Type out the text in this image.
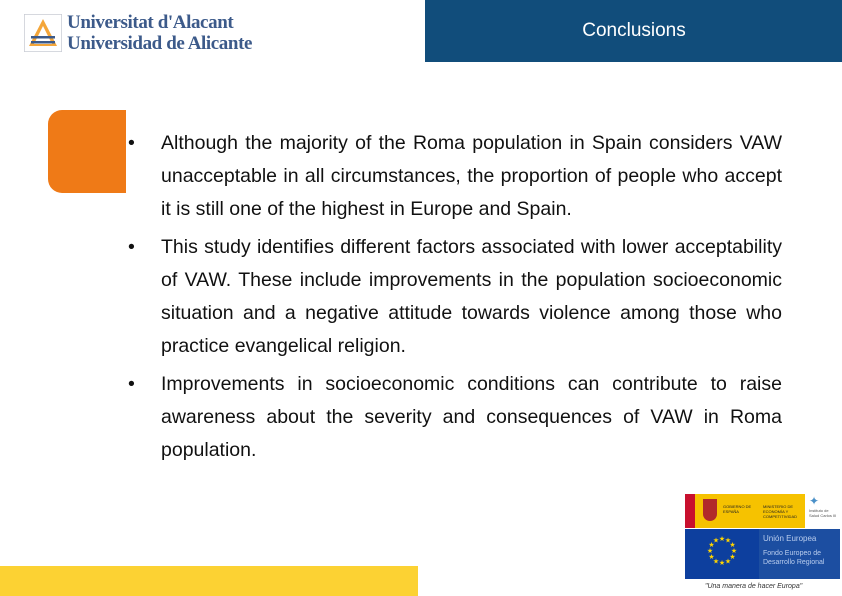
Universitat d'Alacant
Universidad de Alicante
Conclusions
•	Although the majority of the Roma population in Spain considers VAW unacceptable in all circumstances, the proportion of people who accept it is still one of the highest in Europe and Spain.
•	This study identifies different factors associated with lower acceptability of VAW. These include improvements in the population socioeconomic situation and a negative attitude towards violence among those who practice evangelical religion.
•	Improvements in socioeconomic conditions can contribute to raise awareness about the severity and consequences of VAW in Roma population.
GOBIERNO DE ESPAÑA
MINISTERIO DE ECONOMÍA Y COMPETITIVIDAD
✦
Instituto de Salud Carlos III
★ ★
★
★
★
★
★
★
★
★
★
★	Unión Europea
Fondo Europeo de Desarrollo Regional
"Una manera de hacer Europa"
